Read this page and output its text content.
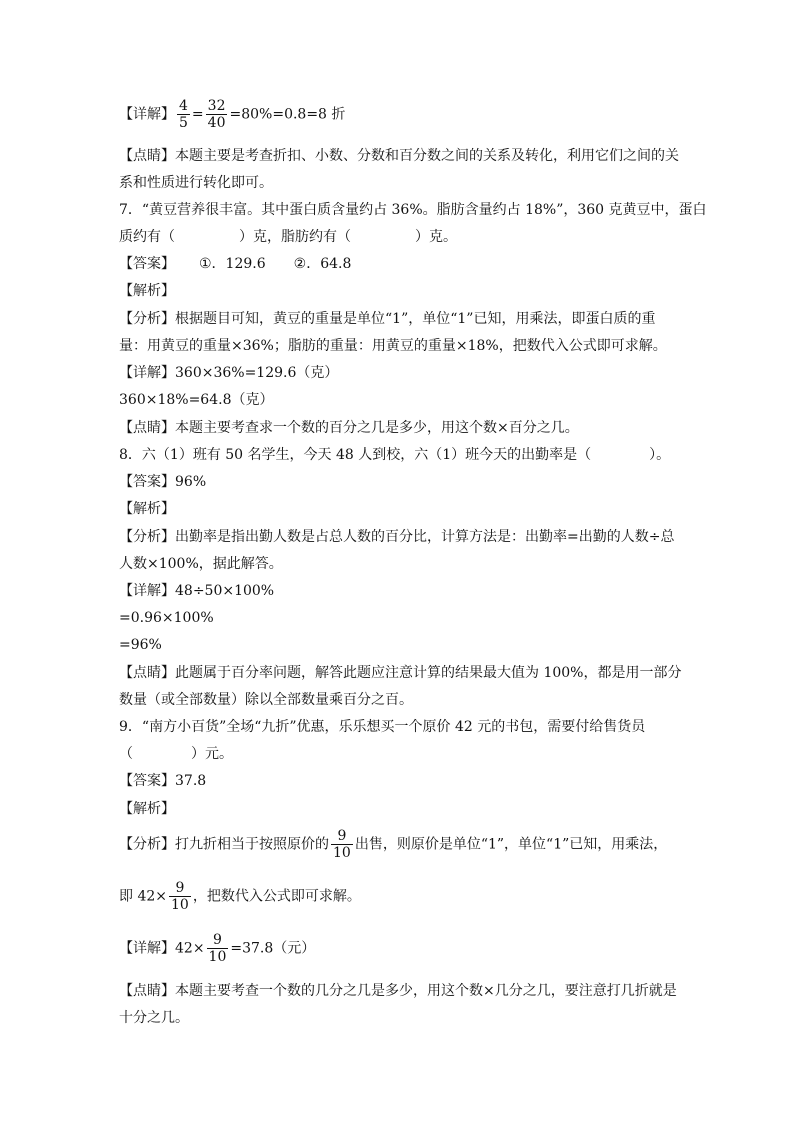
【详解】 $\frac{4}{5} = \frac{32}{40} =80\%=0.8=8$ 折
【点睛】本题主要是考查折扣、小数、分数和百分数之间的关系及转化，利用它们之间的关
系和性质进行转化即可。
7．“黄豆营养很丰富。其中蛋白质含量约占 36%。脂肪含量约占 18%”，360 克黄豆中，蛋白
质约有（	）克，脂肪约有（	）克。
【答案】 ①．129.6 ②．64.8
【解析】
【分析】根据题目可知，黄豆的重量是单位“1”，单位“1”已知，用乘法，即蛋白质的重
量：用黄豆的重量×36%；脂肪的重量：用黄豆的重量×18%，把数代入公式即可求解。
【详解】360×36%=129.6（克）
360×18%=64.8（克）
【点睛】本题主要考查求一个数的百分之几是多少，用这个数×百分之几。
8．六（1）班有 50 名学生，今天 48 人到校，六（1）班今天的出勤率是（	）。
【答案】96%
【解析】
【分析】出勤率是指出勤人数是占总人数的百分比，计算方法是：出勤率=出勤的人数÷总
人数×100%，据此解答。
【详解】48÷50×100%
=0.96×100%
=96%
【点睛】此题属于百分率问题，解答此题应注意计算的结果最大值为 100%，都是用一部分
数量（或全部数量）除以全部数量乘百分之百。
9．“南方小百货”全场“九折”优惠，乐乐想买一个原价 42 元的书包，需要付给售货员
（	）元。
【答案】37.8
【解析】
【分析】打九折相当于按照原价的 $\frac{9}{10}$ 出售，则原价是单位“1”，单位“1”已知，用乘法，
即 $42\times \frac{9}{10}$ ，把数代入公式即可求解。
【详解】$42\times \frac{9}{10} =37.8$（元）
【点睛】本题主要考查一个数的几分之几是多少，用这个数×几分之几，要注意打几折就是
十分之几。
